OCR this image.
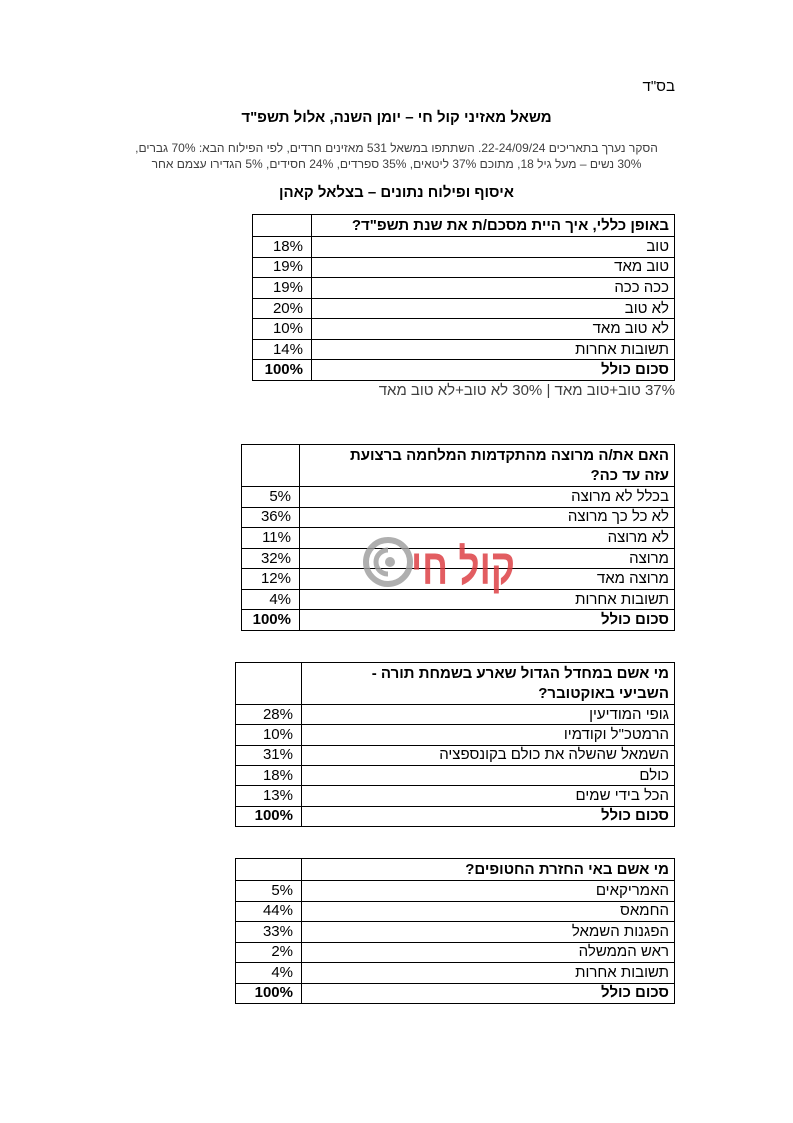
בס"ד
משאל מאזיני קול חי – יומן השנה, אלול תשפ"ד
הסקר נערך בתאריכים 22-24/09/24. השתתפו במשאל 531 מאזינים חרדים, לפי הפילוח הבא: 70% גברים,
30% נשים – מעל גיל 18, מתוכם 37% ליטאים, 35% ספרדים, 24% חסידים, 5% הגדירו עצמם אחר
איסוף ופילוח נתונים – בצלאל קאהן
באופן כללי, איך היית מסכם/ת את שנת תשפ"ד?
טוב
18%
טוב מאד
19%
ככה ככה
19%
לא טוב
20%
לא טוב מאד
10%
תשובות אחרות
14%
סכום כולל
100%
37% טוב+טוב מאד | 30% לא טוב+לא טוב מאד
האם את/ה מרוצה מהתקדמות המלחמה ברצועת
עזה עד כה?
בכלל לא מרוצה
5%
לא כל כך מרוצה
36%
לא מרוצה
11%
מרוצה
32%
מרוצה מאד
12%
תשובות אחרות
4%
סכום כולל
100%
קול חי
מי אשם במחדל הגדול שארע בשמחת תורה -
השביעי באוקטובר?
גופי המודיעין
28%
הרמטכ"ל וקודמיו
10%
השמאל שהשלה את כולם בקונספציה
31%
כולם
18%
הכל בידי שמים
13%
סכום כולל
100%
מי אשם באי החזרת החטופים?
האמריקאים
5%
החמאס
44%
הפגנות השמאל
33%
ראש הממשלה
2%
תשובות אחרות
4%
סכום כולל
100%
